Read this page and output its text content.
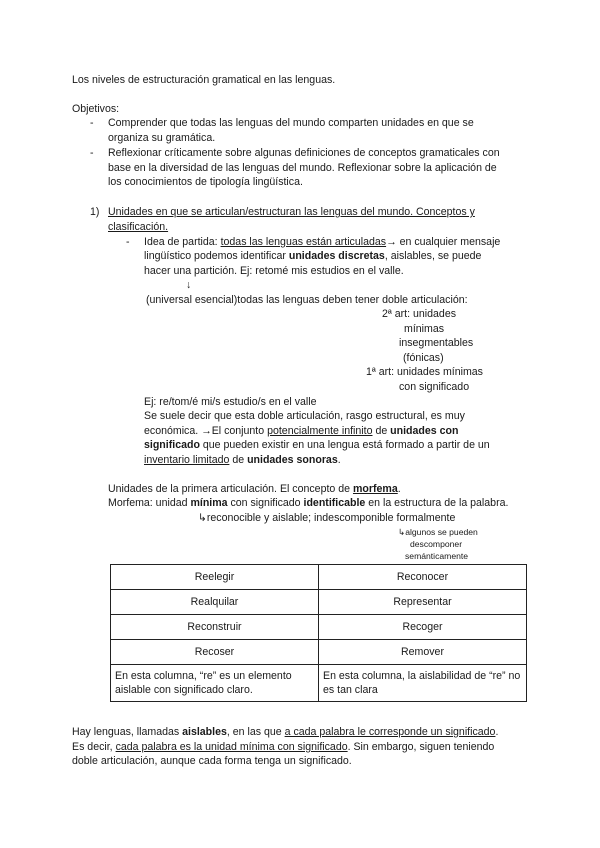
Los niveles de estructuración gramatical en las lenguas.
Objetivos:
- Comprender que todas las lenguas del mundo comparten unidades en que se
organiza su gramática.
- Reflexionar críticamente sobre algunas definiciones de conceptos gramaticales con
base en la diversidad de las lenguas del mundo. Reflexionar sobre la aplicación de
los conocimientos de tipología lingüística.
1) Unidades en que se articulan/estructuran las lenguas del mundo. Conceptos y
clasificación.
- Idea de partida: todas las lenguas están articuladas→ en cualquier mensaje
lingüístico podemos identificar unidades discretas, aislables, se puede
hacer una partición. Ej: retomé mis estudios en el valle.
↓
(universal esencial)todas las lenguas deben tener doble articulación:
2ª art: unidades
mínimas
insegmentables
(fónicas)
1ª art: unidades mínimas
con significado
Ej: re/tom/é mi/s estudio/s en el valle
Se suele decir que esta doble articulación, rasgo estructural, es muy
económica. →El conjunto potencialmente infinito de unidades con
significado que pueden existir en una lengua está formado a partir de un
inventario limitado de unidades sonoras.
Unidades de la primera articulación. El concepto de morfema.
Morfema: unidad mínima con significado identificable en la estructura de la palabra.
↳reconocible y aislable; indescomponible formalmente
↳algunos se pueden
descomponer
semánticamente
Reelegir	Reconocer
Realquilar	Representar
Reconstruir	Recoger
Recoser	Remover
En esta columna, “re” es un elemento aislable con significado claro.	En esta columna, la aislabilidad de “re” no es tan clara
Hay lenguas, llamadas aislables, en las que a cada palabra le corresponde un significado.
Es decir, cada palabra es la unidad mínima con significado. Sin embargo, siguen teniendo
doble articulación, aunque cada forma tenga un significado.
